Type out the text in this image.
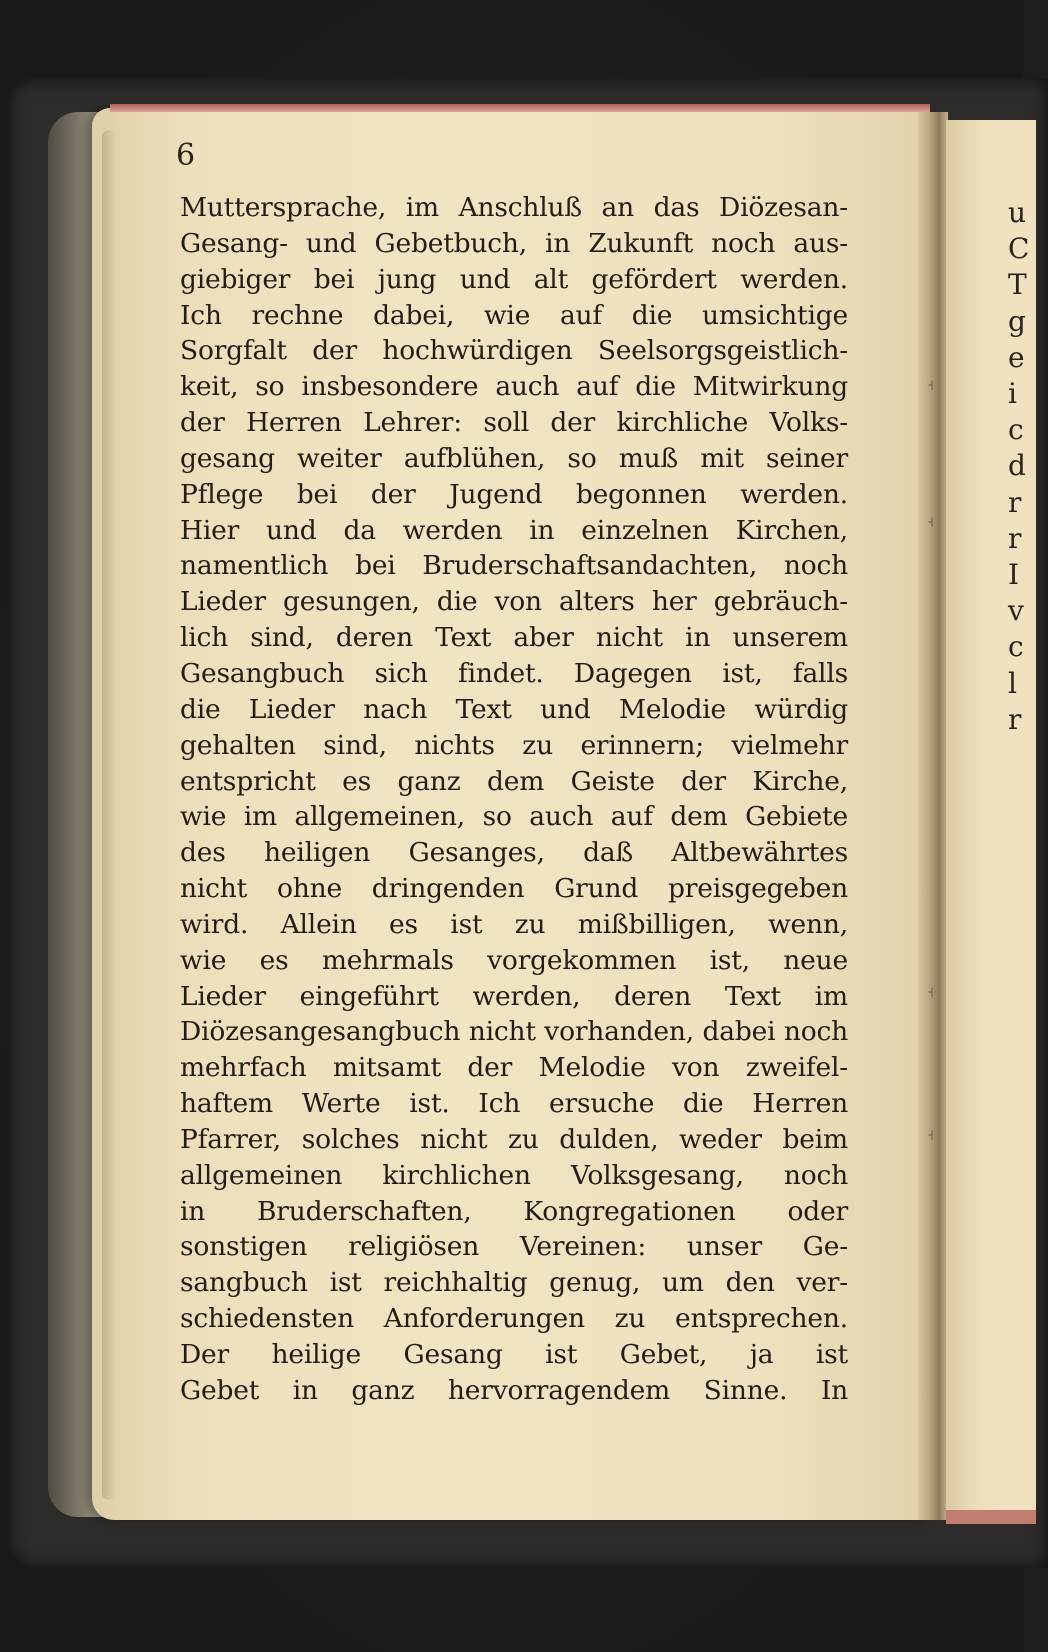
˧
˧
˧
˧
u
C
T
g
e
i
c
d
r
r
I
v
c
l
r
6
Muttersprache, im Anschluß an das Diözesan-
Gesang- und Gebetbuch, in Zukunft noch aus-
giebiger bei jung und alt gefördert werden.
Ich rechne dabei, wie auf die umsichtige
Sorgfalt der hochwürdigen Seelsorgsgeistlich-
keit, so insbesondere auch auf die Mitwirkung
der Herren Lehrer: soll der kirchliche Volks-
gesang weiter aufblühen, so muß mit seiner
Pflege bei der Jugend begonnen werden.
Hier und da werden in einzelnen Kirchen,
namentlich bei Bruderschaftsandachten, noch
Lieder gesungen, die von alters her gebräuch-
lich sind, deren Text aber nicht in unserem
Gesangbuch sich findet. Dagegen ist, falls
die Lieder nach Text und Melodie würdig
gehalten sind, nichts zu erinnern; vielmehr
entspricht es ganz dem Geiste der Kirche,
wie im allgemeinen, so auch auf dem Gebiete
des heiligen Gesanges, daß Altbewährtes
nicht ohne dringenden Grund preisgegeben
wird. Allein es ist zu mißbilligen, wenn,
wie es mehrmals vorgekommen ist, neue
Lieder eingeführt werden, deren Text im
Diözesangesangbuch nicht vorhanden, dabei noch
mehrfach mitsamt der Melodie von zweifel-
haftem Werte ist. Ich ersuche die Herren
Pfarrer, solches nicht zu dulden, weder beim
allgemeinen kirchlichen Volksgesang, noch
in Bruderschaften, Kongregationen oder
sonstigen religiösen Vereinen: unser Ge-
sangbuch ist reichhaltig genug, um den ver-
schiedensten Anforderungen zu entsprechen.
Der heilige Gesang ist Gebet, ja ist
Gebet in ganz hervorragendem Sinne. In
